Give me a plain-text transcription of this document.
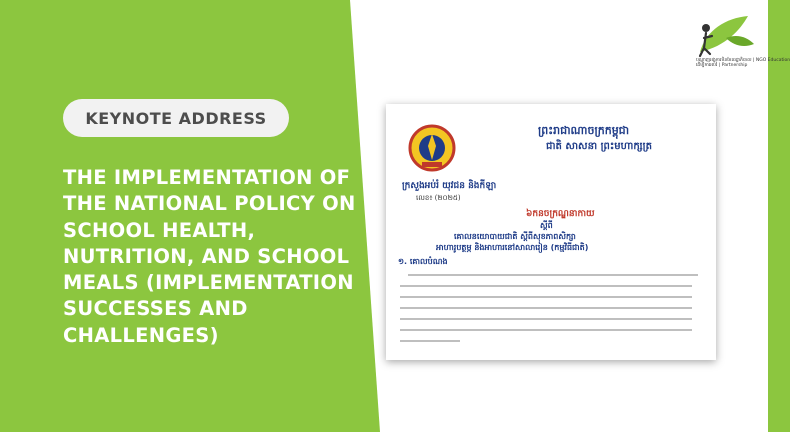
KEYNOTE ADDRESS
THE IMPLEMENTATION OF
THE NATIONAL POLICY ON
SCHOOL HEALTH,
NUTRITION, AND SCHOOL
MEALS (IMPLEMENTATION
SUCCESSES AND
CHALLENGES)
ព្រះរាជាណាចក្រកម្ពុជា
ជាតិ សាសនា ព្រះមហាក្សត្រ
ក្រសួងអប់រំ យុវជន និងកីឡា
លេខ៖ (២០២៥)
៦កនចក្រណ្ឌនាកាយ
ស្តីពី
គោលនយោបាយជាតិ ស្តីពីសុខភាពសិក្សា
អាហារូបត្ថម្ភ និងអាហារនៅសាលារៀន (កម្មវិធីជាតិ)
១. គោលបំណង
បណ្តាញអង្គការមិនមែនរដ្ឋាភិបាល | NGO Education
ដើម្បីការអប់រំ | Partnership
